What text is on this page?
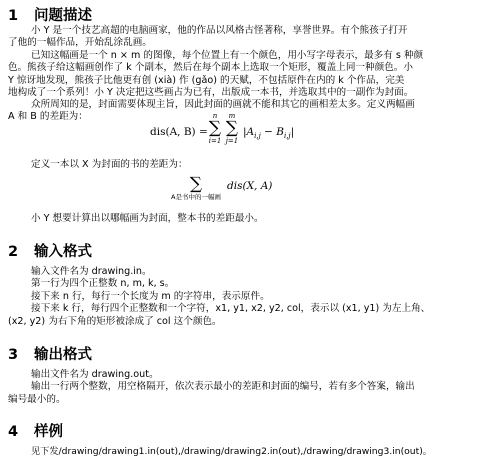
1 问题描述
小 Y 是一个技艺高超的电脑画家，他的作品以风格古怪著称，享誉世界。有个熊孩子打开
了他的一幅作品，开始乱涂乱画。
已知这幅画是一个 n × m 的图像，每个位置上有一个颜色，用小写字母表示，最多有 s 种颜
色。熊孩子给这幅画创作了 k 个副本，然后在每个副本上选取一个矩形，覆盖上同一种颜色。小
Y 惊讶地发现，熊孩子比他更有创 (xià) 作 (gǎo) 的天赋，不包括原件在内的 k 个作品，完美
地构成了一个系列！小 Y 决定把这些画占为已有，出版成一本书，并选取其中的一副作为封面。
众所周知的是，封面需要体现主旨，因此封面的画就不能和其它的画相差太多。定义两幅画
A 和 B 的差距为：
dis(A, B) =
n
∑
i=1
m
∑
j=1
$|A_{i,j} - B_{i,j}|$
定义一本以 X 为封面的书的差距为：
∑
A是书中的一幅画
dis(X, A)
小 Y 想要计算出以哪幅画为封面，整本书的差距最小。
2 输入格式
输入文件名为 drawing.in。
第一行为四个正整数 n, m, k, s。
接下来 n 行，每行一个长度为 m 的字符串，表示原件。
接下来 k 行，每行四个正整数和一个字符，x1, y1, x2, y2, col，表示以 (x1, y1) 为左上角、
(x2, y2) 为右下角的矩形被涂成了 col 这个颜色。
3 输出格式
输出文件名为 drawing.out。
输出一行两个整数，用空格隔开，依次表示最小的差距和封面的编号，若有多个答案，输出
编号最小的。
4 样例
见下发/drawing/drawing1.in(out),/drawing/drawing2.in(out),/drawing/drawing3.in(out)。
